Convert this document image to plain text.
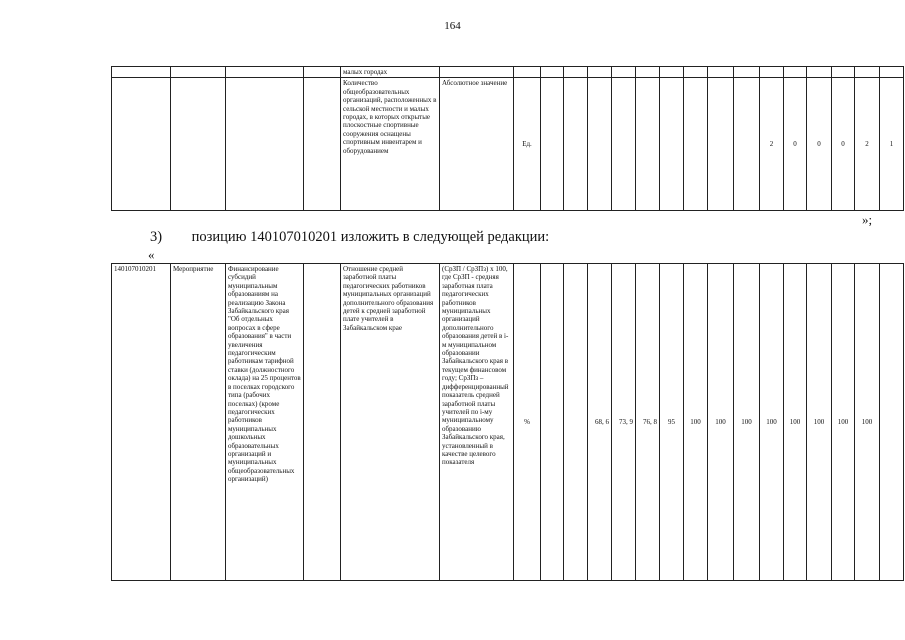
164
				малых городах																	
				Количество общеобразовательных организаций, расположенных в сельской местности и малых городах, в которых открытые плоскостные спортивные сооружения оснащены спортивным инвентарем и оборудованием	Абсолютное значение	Ед.										2	0	0	0	2	1
»;
3) позицию 140107010201 изложить в следующей редакции:
«
140107010201	Мероприятие	Финансирование субсидий муниципальным образованиям на реализацию Закона Забайкальского края "Об отдельных вопросах в сфере образования" в части увеличения педагогическим работникам тарифной ставки (должностного оклада) на 25 процентов в поселках городского типа (рабочих поселках) (кроме педагогических работников муниципальных дошкольных образовательных организаций и муниципальных общеобразовательных организаций)		Отношение средней заработной платы педагогических работников муниципальных организаций дополнительного образования детей к средней заработной плате учителей в Забайкальском крае	(СрЗП / СрЗПз) х 100, где СрЗП - средняя заработная плата педагогических работников муниципальных организаций дополнительного образования детей в i-м муниципальном образовании Забайкальского края в текущем финансовом году; СрЗПз – дифференцированный показатель средней заработной платы учителей по i-му муниципальному образованию Забайкальского края, установленный в качестве целевого показателя	%			68, 6	73, 9	76, 8	95	100	100	100	100	100	100	100	100	
